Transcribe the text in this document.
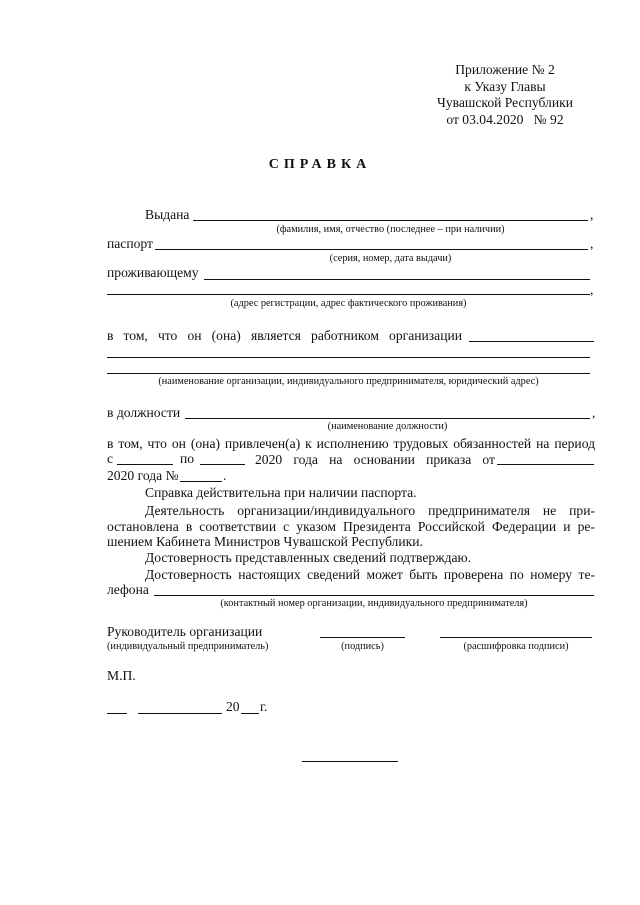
Приложение № 2
к Указу Главы
Чувашской Республики
от 03.04.2020   № 92
СПРАВКА
Выдана	,
(фамилия, имя, отчество (последнее – при наличии)
паспорт	,
(серия, номер, дата выдачи)
проживающему
,
(адрес регистрации, адрес фактического проживания)
в том, что он (она) является работником организации
(наименование организации, индивидуального предпринимателя, юридический адрес)
в должности	,
(наименование должности)
в том, что он (она) привлечен(а) к исполнению трудовых обязанностей на период
с	по	2020 года на основании приказа от
2020 года №	.
Справка действительна при наличии паспорта.
Деятельность организации/индивидуального предпринимателя не при-
остановлена в соответствии с указом Президента Российской Федерации и ре-
шением Кабинета Министров Чувашской Республики.
Достоверность представленных сведений подтверждаю.
Достоверность настоящих сведений может быть проверена по номеру те-
лефона
(контактный номер организации, индивидуального предпринимателя)
Руководитель организации
(индивидуальный предприниматель)	(подпись)	(расшифровка подписи)
М.П.
20 г.
